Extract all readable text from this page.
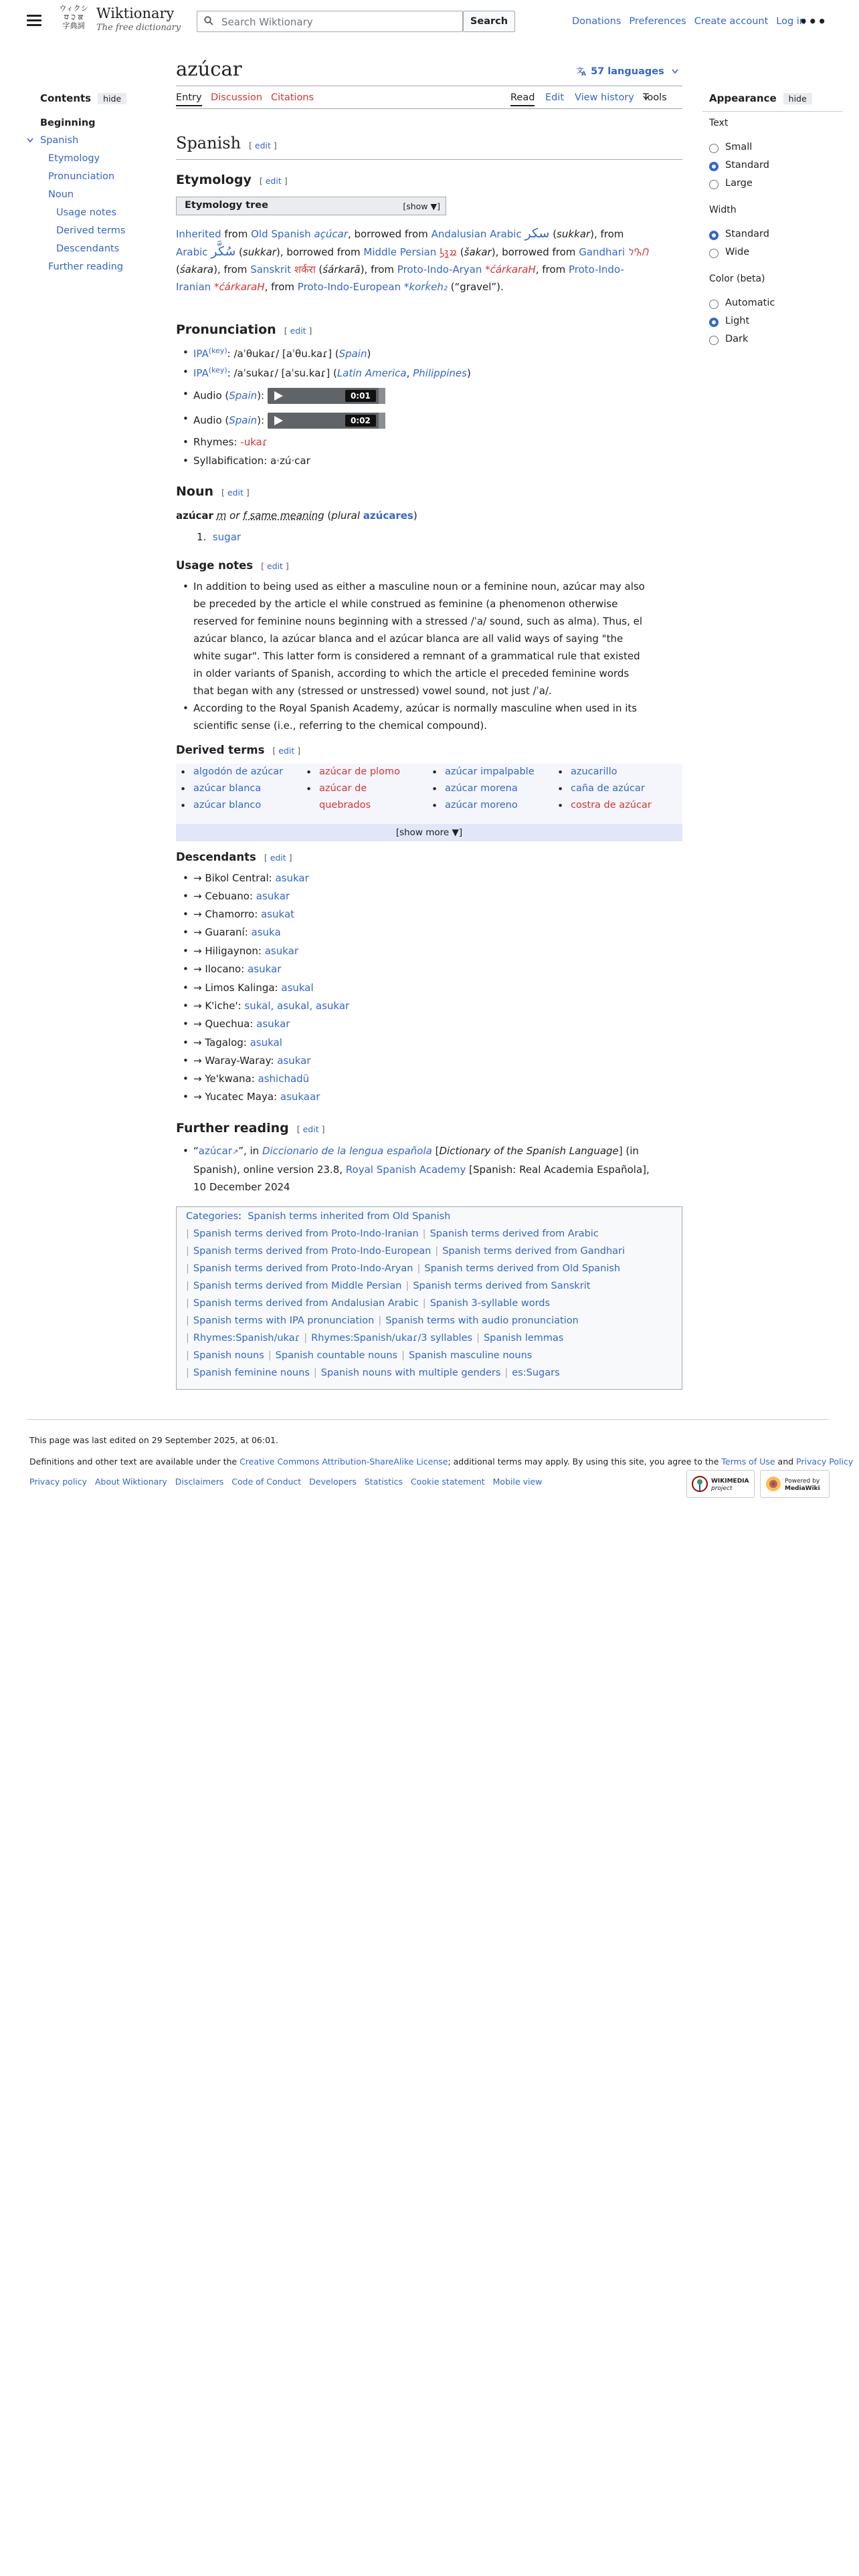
ウィクシ
ਧ ੨ ਕ
字典詞
Wiktionary
The free dictionary
Search Wiktionary
Search	Donations Preferences Create account Log in
•••
Contents hide
Beginning
Spanish
Etymology
Pronunciation
Noun
Usage notes
Derived terms
Descendants
Further reading
azúcar	文
A 57 languages
Entry Discussion Citations	Read Edit View history Tools
Spanish [ edit ]
Etymology [ edit ]
Etymology tree	[show ▼]
Inherited from Old Spanish açúcar, borrowed from Andalusian Arabic سكر (sukkar), from
Arabic سُكَّر (sukkar), borrowed from Middle Persian 𐭱𐭪𐭫 (šakar), borrowed from Gandhari 𐨭𐨐𐨪
(śakara), from Sanskrit शर्करा (śárkarā), from Proto-Indo-Aryan *ćárkaraH, from Proto-Indo-
Iranian *ćárkaraH, from Proto-Indo-European *korḱeh₂ (“gravel”).
Pronunciation [ edit ]
• $IPA^{(key)}$: /aˈθukaɾ/ [aˈθu.kaɾ] (Spain)
• $IPA^{(key)}$: /aˈsukaɾ/ [aˈsu.kaɾ] (Latin America, Philippines)
• Audio (Spain):	0:01
• Audio (Spain):	0:02
• Rhymes: -ukaɾ
• Syllabification: a‧zú‧car
Noun [ edit ]
azúcar m or f same meaning (plural azúcares)
1.  sugar
Usage notes [ edit ]
• In addition to being used as either a masculine noun or a feminine noun, azúcar may also
be preceded by the article el while construed as feminine (a phenomenon otherwise
reserved for feminine nouns beginning with a stressed /ˈa/ sound, such as alma). Thus, el
azúcar blanco, la azúcar blanca and el azúcar blanca are all valid ways of saying "the
white sugar". This latter form is considered a remnant of a grammatical rule that existed
in older variants of Spanish, according to which the article el preceded feminine words
that began with any (stressed or unstressed) vowel sound, not just /ˈa/.
• According to the Royal Spanish Academy, azúcar is normally masculine when used in its
scientific sense (i.e., referring to the chemical compound).
Derived terms [ edit ]
• algodón de azúcar
• azúcar blanca
• azúcar blanco
• azúcar de plomo
• azúcar de
quebrados
• azúcar impalpable
• azúcar morena
• azúcar moreno
• azucarillo
• caña de azúcar
• costra de azúcar
[show more ▼]
Descendants [ edit ]
• → Bikol Central: asukar
• → Cebuano: asukar
• → Chamorro: asukat
• → Guaraní: asuka
• → Hiligaynon: asukar
• → Ilocano: asukar
• → Limos Kalinga: asukal
• → K'iche': sukal, asukal, asukar
• → Quechua: asukar
• → Tagalog: asukal
• → Waray-Waray: asukar
• → Ye'kwana: ashichadü
• → Yucatec Maya: asukaar
Further reading [ edit ]
• “azúcar↗”, in Diccionario de la lengua española [Dictionary of the Spanish Language] (in
Spanish), online version 23.8, Royal Spanish Academy [Spanish: Real Academia Española],
10 December 2024
Categories:  Spanish terms inherited from Old Spanish
| Spanish terms derived from Proto-Indo-Iranian | Spanish terms derived from Arabic
| Spanish terms derived from Proto-Indo-European | Spanish terms derived from Gandhari
| Spanish terms derived from Proto-Indo-Aryan | Spanish terms derived from Old Spanish
| Spanish terms derived from Middle Persian | Spanish terms derived from Sanskrit
| Spanish terms derived from Andalusian Arabic | Spanish 3-syllable words
| Spanish terms with IPA pronunciation | Spanish terms with audio pronunciation
| Rhymes:Spanish/ukaɾ | Rhymes:Spanish/ukaɾ/3 syllables | Spanish lemmas
| Spanish nouns | Spanish countable nouns | Spanish masculine nouns
| Spanish feminine nouns | Spanish nouns with multiple genders | es:Sugars
Appearance hide
Text
Small
Standard
Large
Width
Standard
Wide
Color (beta)
Automatic
Light
Dark
This page was last edited on 29 September 2025, at 06:01.
Definitions and other text are available under the Creative Commons Attribution-ShareAlike License; additional terms may apply. By using this site, you agree to the Terms of Use and Privacy Policy
Privacy policy About Wiktionary Disclaimers Code of Conduct Developers Statistics Cookie statement Mobile view	WIKIMEDIA
project
Powered by
MediaWiki
